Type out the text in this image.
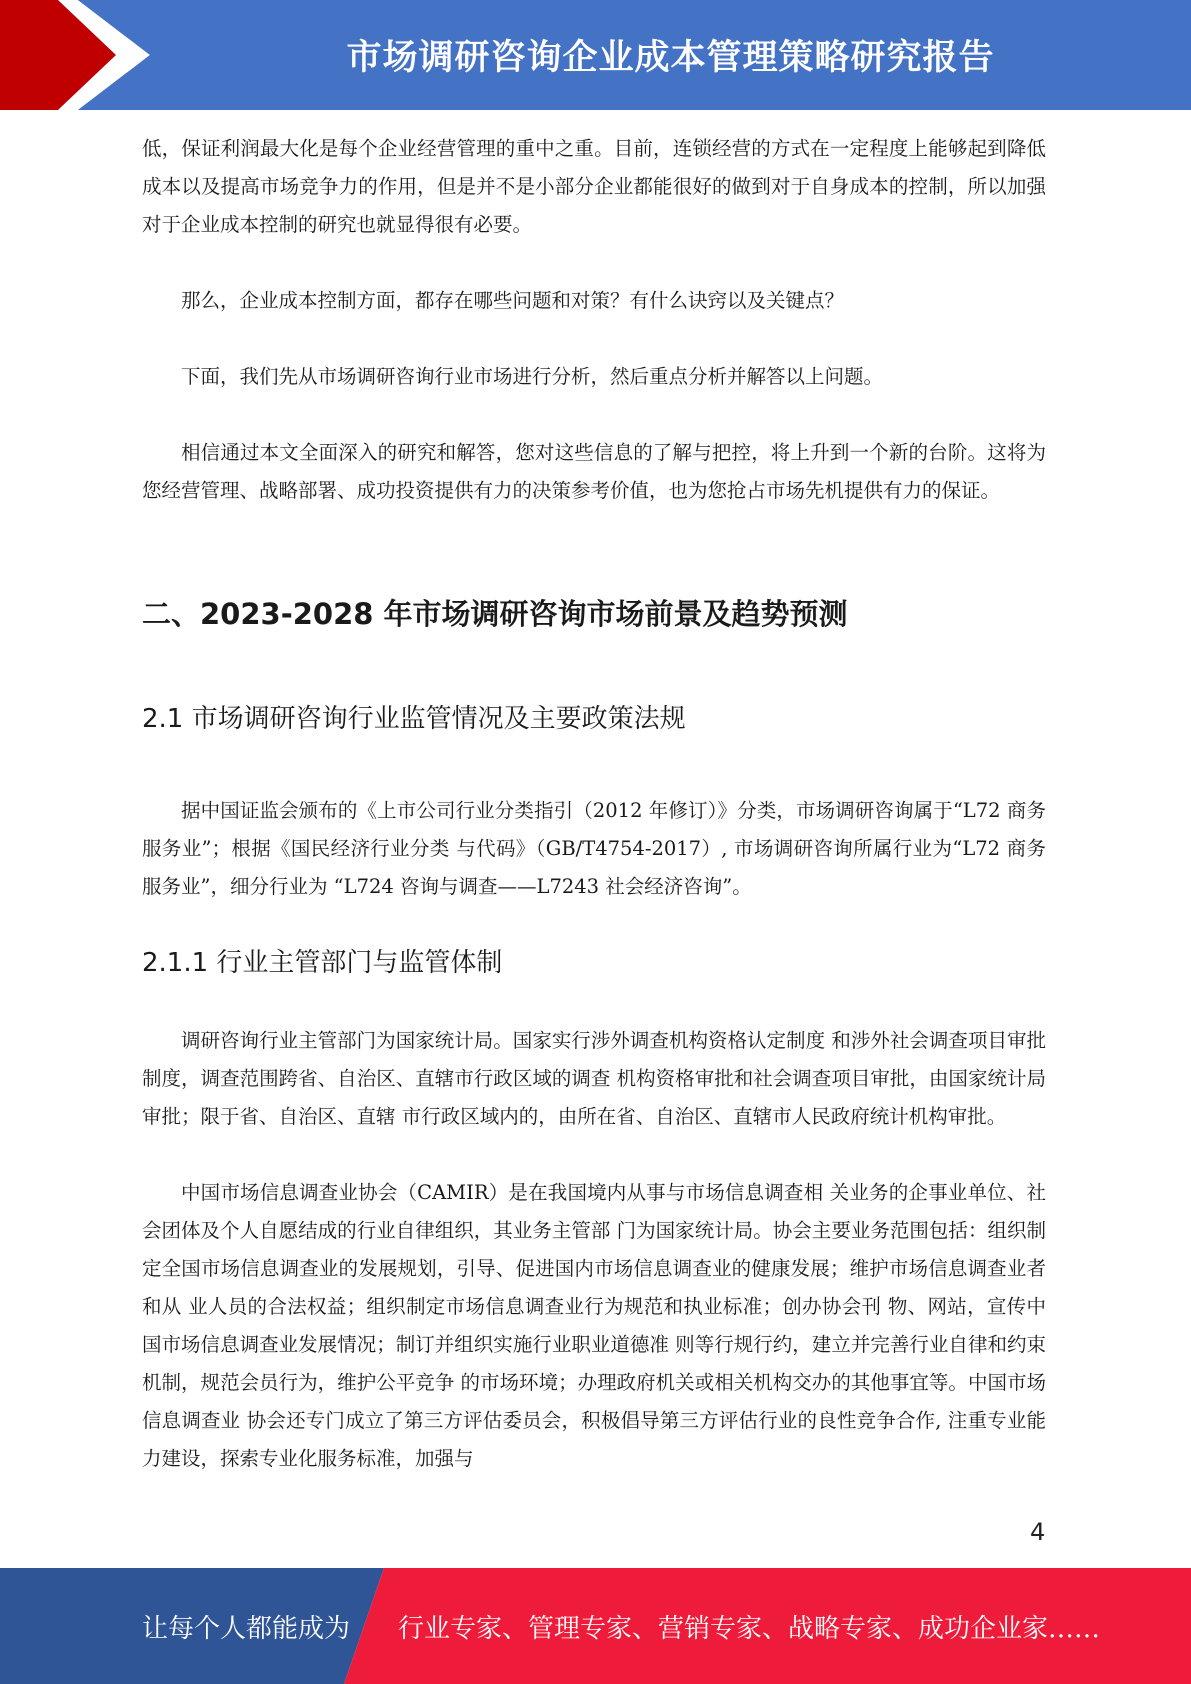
市场调研咨询企业成本管理策略研究报告

低，保证利润最大化是每个企业经营管理的重中之重。目前，连锁经营的方式在一定程度上能够起到降低成本以及提高市场竞争力的作用，但是并不是小部分企业都能很好的做到对于自身成本的控制，所以加强对于企业成本控制的研究也就显得很有必要。

那么，企业成本控制方面，都存在哪些问题和对策？有什么诀窍以及关键点？

下面，我们先从市场调研咨询行业市场进行分析，然后重点分析并解答以上问题。

相信通过本文全面深入的研究和解答，您对这些信息的了解与把控，将上升到一个新的台阶。这将为您经营管理、战略部署、成功投资提供有力的决策参考价值，也为您抢占市场先机提供有力的保证。

二、2023-2028 年市场调研咨询市场前景及趋势预测
2.1 市场调研咨询行业监管情况及主要政策法规

据中国证监会颁布的《上市公司行业分类指引（2012 年修订）》分类，市场调研咨询属于“L72 商务服务业”；根据《国民经济行业分类 与代码》（GB/T4754-2017）, 市场调研咨询所属行业为“L72 商务服务业”，细分行业为 “L724 咨询与调查——L7243 社会经济咨询”。

2.1.1 行业主管部门与监管体制

调研咨询行业主管部门为国家统计局。国家实行涉外调查机构资格认定制度 和涉外社会调查项目审批制度，调查范围跨省、自治区、直辖市行政区域的调查 机构资格审批和社会调查项目审批，由国家统计局审批；限于省、自治区、直辖 市行政区域内的，由所在省、自治区、直辖市人民政府统计机构审批。

中国市场信息调查业协会（CAMIR）是在我国境内从事与市场信息调查相 关业务的企事业单位、社会团体及个人自愿结成的行业自律组织，其业务主管部 门为国家统计局。协会主要业务范围包括：组织制定全国市场信息调查业的发展规划，引导、促进国内市场信息调查业的健康发展；维护市场信息调查业者和从 业人员的合法权益；组织制定市场信息调查业行为规范和执业标准；创办协会刊 物、网站，宣传中国市场信息调查业发展情况；制订并组织实施行业职业道德准 则等行规行约，建立并完善行业自律和约束机制，规范会员行为，维护公平竞争 的市场环境；办理政府机关或相关机构交办的其他事宜等。中国市场信息调查业 协会还专门成立了第三方评估委员会，积极倡导第三方评估行业的良性竞争合作, 注重专业能力建设，探索专业化服务标准，加强与

4
让每个人都能成为 行业专家、管理专家、营销专家、战略专家、成功企业家……
